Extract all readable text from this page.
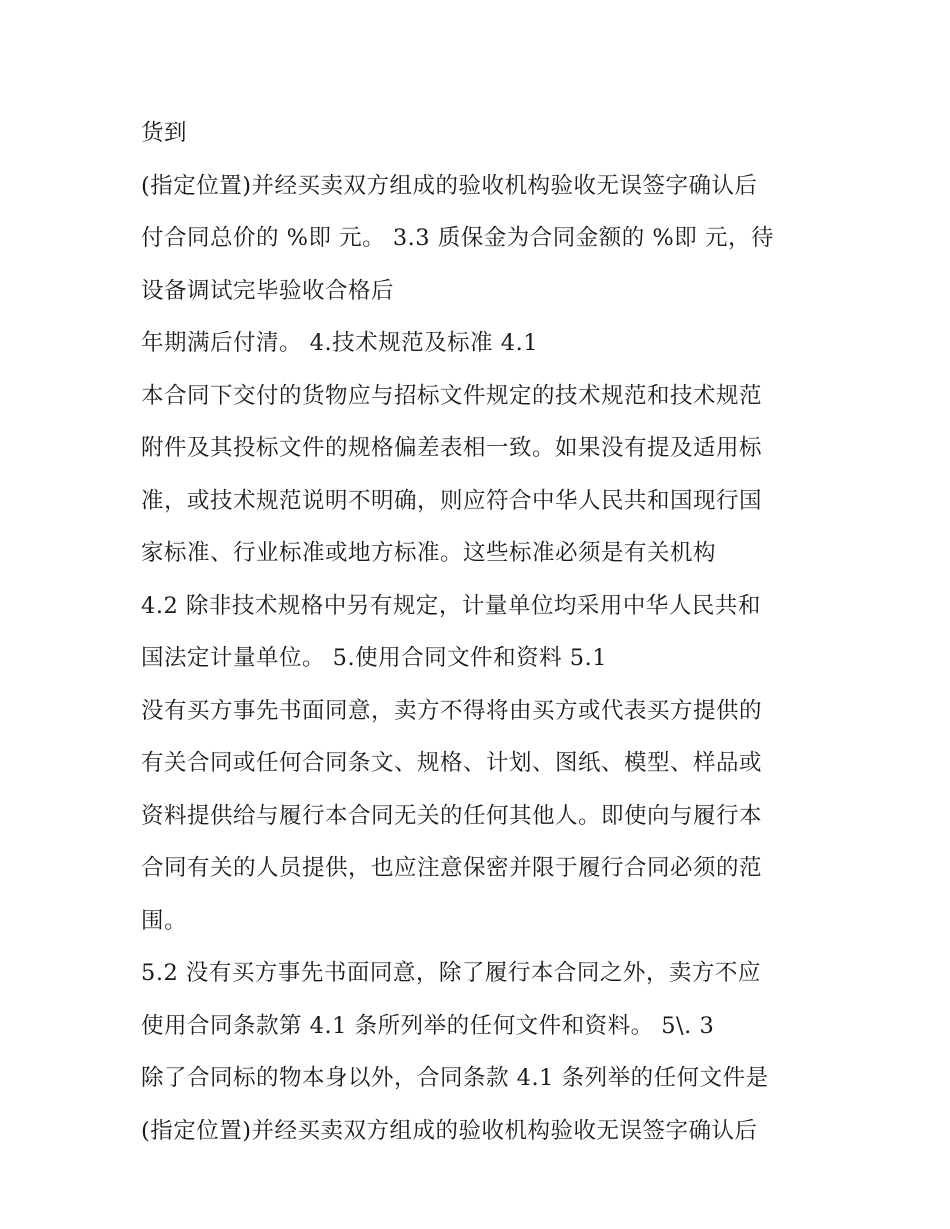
货到
(指定位置)并经买卖双方组成的验收机构验收无误签字确认后
付合同总价的 %即 元。 3.3 质保金为合同金额的 %即 元，待
设备调试完毕验收合格后
年期满后付清。 4.技术规范及标准 4.1
本合同下交付的货物应与招标文件规定的技术规范和技术规范
附件及其投标文件的规格偏差表相一致。如果没有提及适用标
准，或技术规范说明不明确，则应符合中华人民共和国现行国
家标准、行业标准或地方标准。这些标准必须是有关机构
4.2 除非技术规格中另有规定，计量单位均采用中华人民共和
国法定计量单位。 5.使用合同文件和资料 5.1
没有买方事先书面同意，卖方不得将由买方或代表买方提供的
有关合同或任何合同条文、规格、计划、图纸、模型、样品或
资料提供给与履行本合同无关的任何其他人。即使向与履行本
合同有关的人员提供，也应注意保密并限于履行合同必须的范
围。
5.2 没有买方事先书面同意，除了履行本合同之外，卖方不应
使用合同条款第 4.1 条所列举的任何文件和资料。 5\. 3
除了合同标的物本身以外，合同条款 4.1 条列举的任何文件是
(指定位置)并经买卖双方组成的验收机构验收无误签字确认后
